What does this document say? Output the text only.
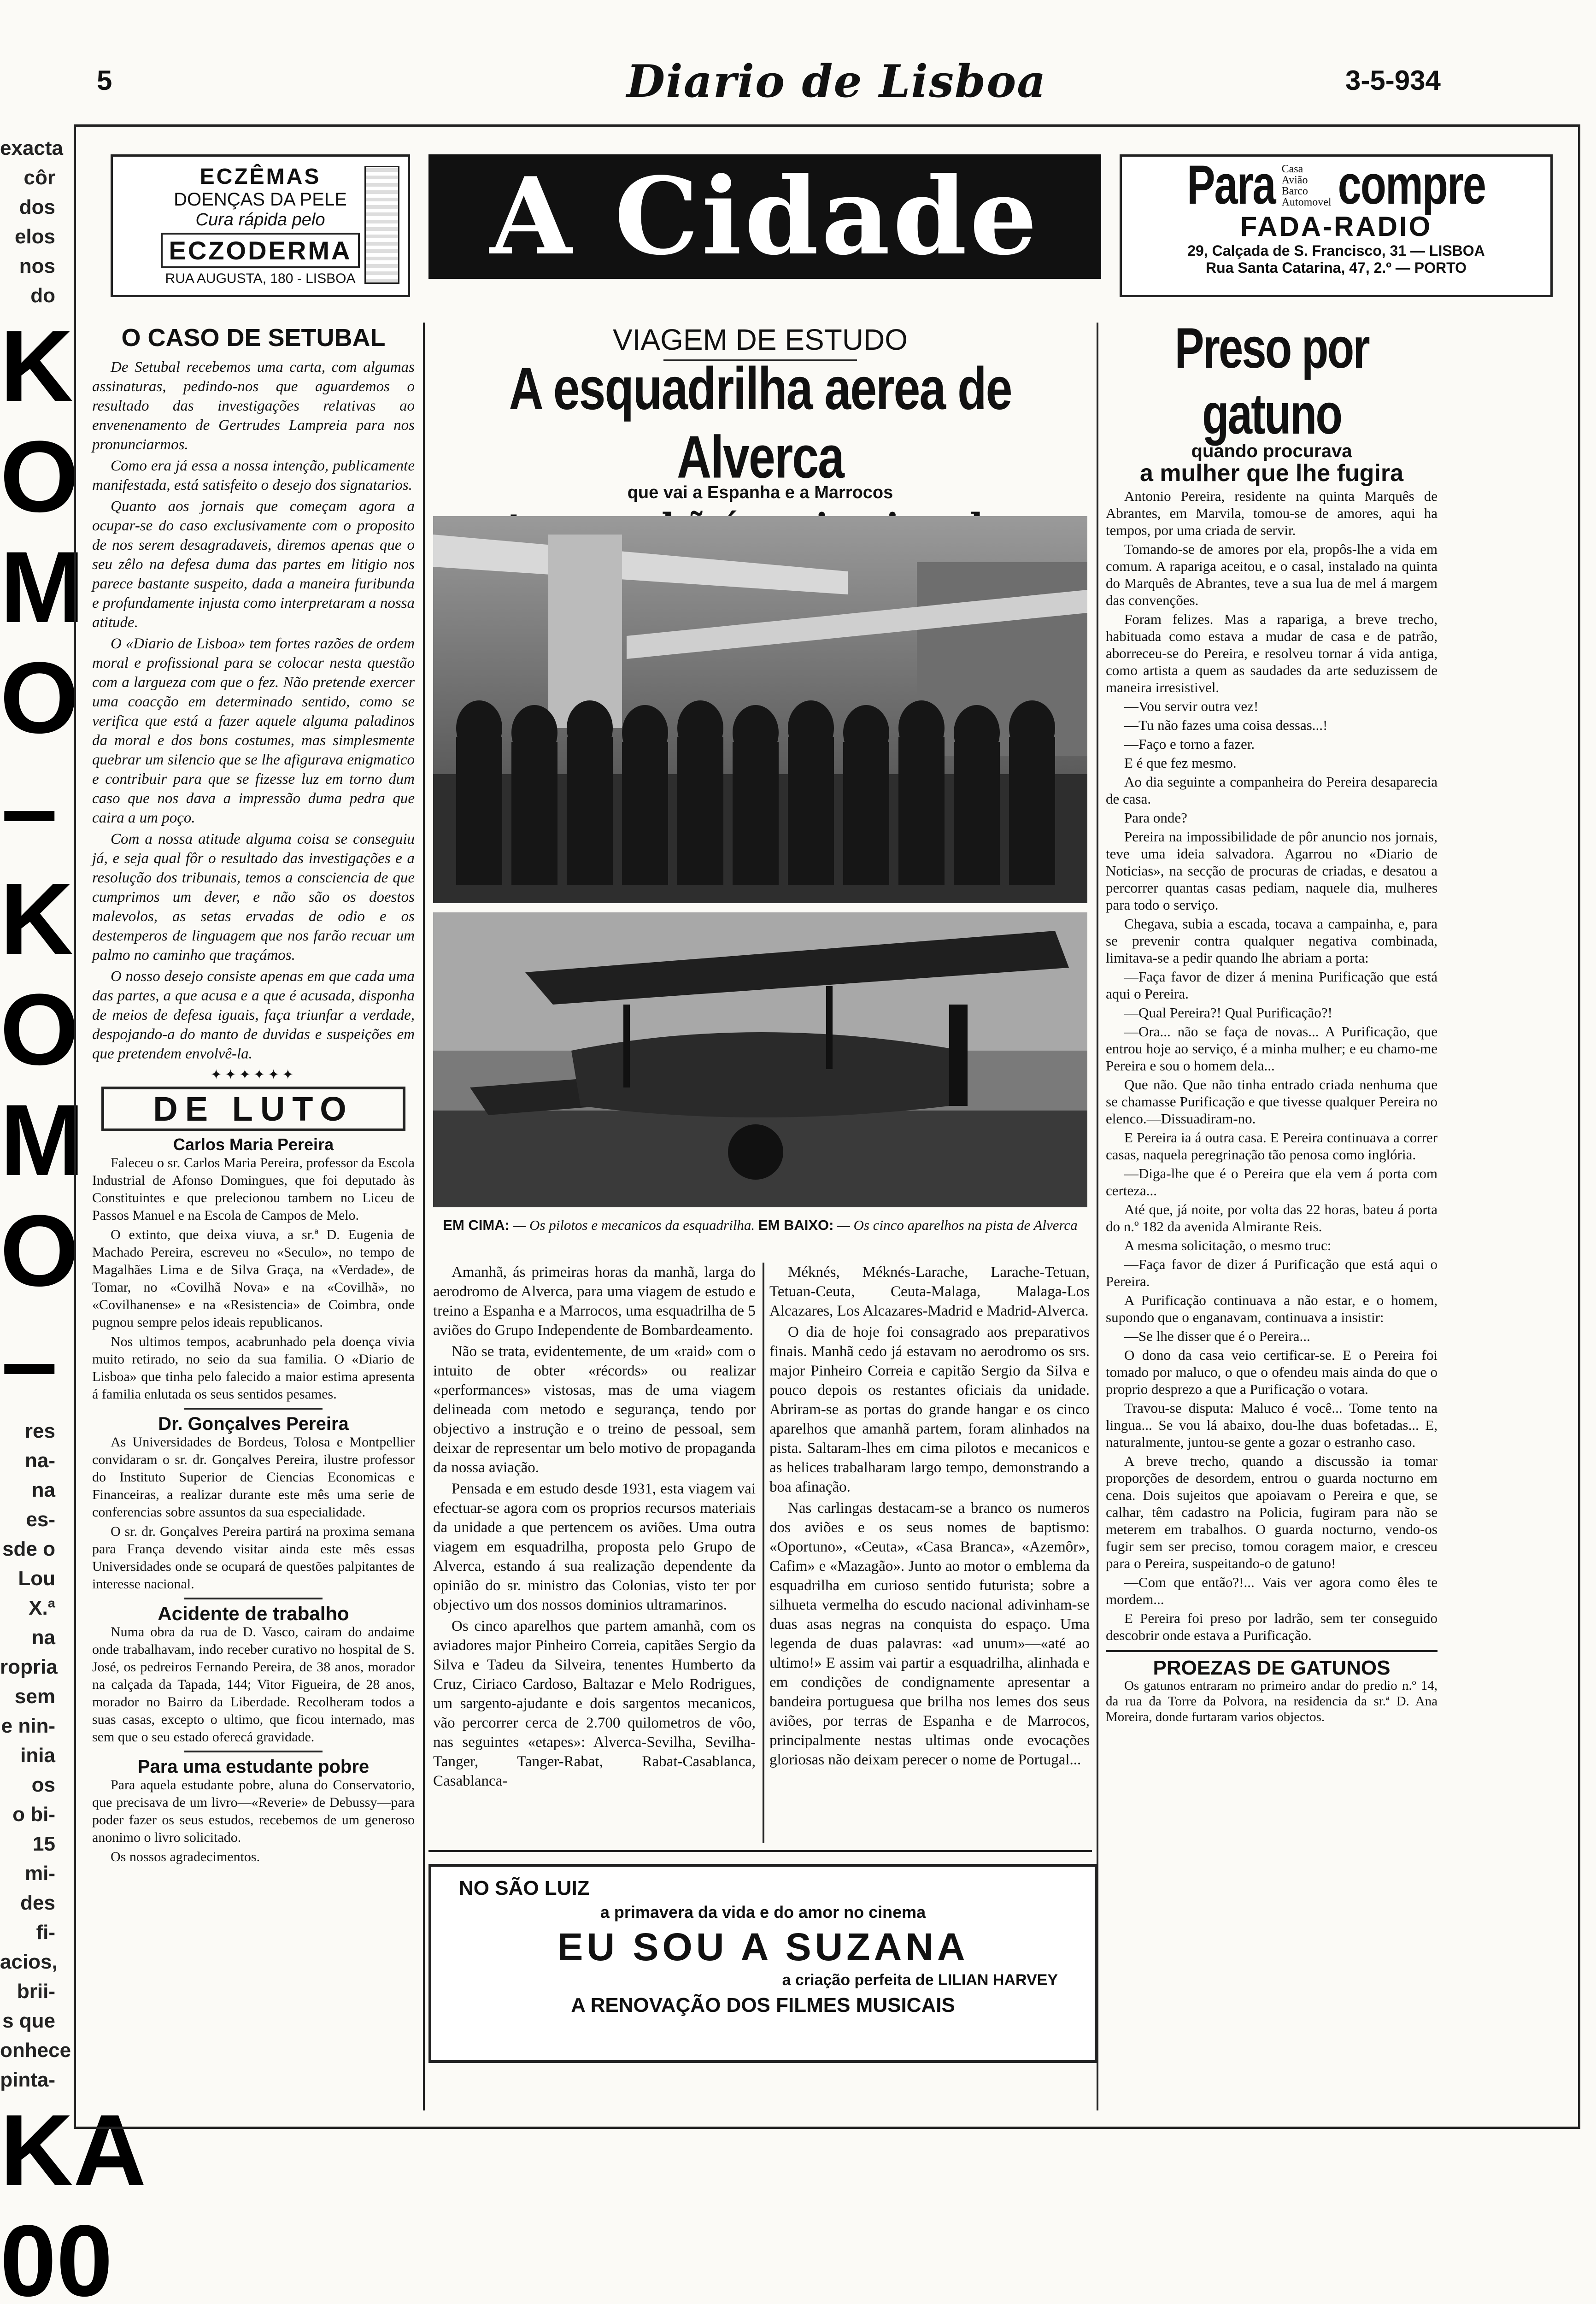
5	Diario de Lisboa	3-5-934
exacta
côr dos
elos nos
do
K
O
M
O
–
K
O
M
O
–
res na-
na es-
sde o
Lou
X.ª na
ropria
sem
e nin-
inia os
o bi-
15 mi-
des fi-
acios,
brii-
s que
onhece
pinta-
KA
00
ECZÊMAS
DOENÇAS DA PELE
Cura rápida pelo
ECZODERMA
RUA AUGUSTA, 180 - LISBOA	A Cidade	Para Casa
Avião
Barco
Automovel compre
FADA-RADIO
29, Calçada de S. Francisco, 31 — LISBOA
Rua Santa Catarina, 47, 2.º — PORTO
O CASO DE SETUBAL

De Setubal recebemos uma carta, com algumas assinaturas, pedindo-nos que aguardemos o resultado das investigações relativas ao envenenamento de Gertrudes Lampreia para nos pronunciarmos.

Como era já essa a nossa intenção, publicamente manifestada, está satisfeito o desejo dos signatarios.

Quanto aos jornais que começam agora a ocupar-se do caso exclusivamente com o proposito de nos serem desagradaveis, diremos apenas que o seu zêlo na defesa duma das partes em litigio nos parece bastante suspeito, dada a maneira furibunda e profundamente injusta como interpretaram a nossa atitude.

O «Diario de Lisboa» tem fortes razões de ordem moral e profissional para se colocar nesta questão com a largueza com que o fez. Não pretende exercer uma coacção em determinado sentido, como se verifica que está a fazer aquele alguma paladinos da moral e dos bons costumes, mas simplesmente quebrar um silencio que se lhe afigurava enigmatico e contribuir para que se fizesse luz em torno dum caso que nos dava a impressão duma pedra que caira a um poço.

Com a nossa atitude alguma coisa se conseguiu já, e seja qual fôr o resultado das investigações e a resolução dos tribunais, temos a consciencia de que cumprimos um dever, e não são os doestos malevolos, as setas ervadas de odio e os destemperos de linguagem que nos farão recuar um palmo no caminho que traçámos.

O nosso desejo consiste apenas em que cada uma das partes, a que acusa e a que é acusada, disponha de meios de defesa iguais, faça triunfar a verdade, despojando-a do manto de duvidas e suspeições em que pretendem envolvê-la.

✦✦✦✦✦✦
DE LUTO
Carlos Maria Pereira

Faleceu o sr. Carlos Maria Pereira, professor da Escola Industrial de Afonso Domingues, que foi deputado às Constituintes e que prelecionou tambem no Liceu de Passos Manuel e na Escola de Campos de Melo.

O extinto, que deixa viuva, a sr.ª D. Eugenia de Machado Pereira, escreveu no «Seculo», no tempo de Magalhães Lima e de Silva Graça, na «Verdade», de Tomar, no «Covilhã Nova» e na «Covilhã», no «Covilhanense» e na «Resistencia» de Coimbra, onde pugnou sempre pelos ideais republicanos.

Nos ultimos tempos, acabrunhado pela doença vivia muito retirado, no seio da sua familia. O «Diario de Lisboa» que tinha pelo falecido a maior estima apresenta á familia enlutada os seus sentidos pesames.

Dr. Gonçalves Pereira

As Universidades de Bordeus, Tolosa e Montpellier convidaram o sr. dr. Gonçalves Pereira, ilustre professor do Instituto Superior de Ciencias Economicas e Financeiras, a realizar durante este mês uma serie de conferencias sobre assuntos da sua especialidade.

O sr. dr. Gonçalves Pereira partirá na proxima semana para França devendo visitar ainda este mês essas Universidades onde se ocupará de questões palpitantes de interesse nacional.

Acidente de trabalho

Numa obra da rua de D. Vasco, cairam do andaime onde trabalhavam, indo receber curativo no hospital de S. José, os pedreiros Fernando Pereira, de 38 anos, morador na calçada da Tapada, 144; Vitor Figueira, de 28 anos, morador no Bairro da Liberdade. Recolheram todos a suas casas, excepto o ultimo, que ficou internado, mas sem que o seu estado oferecá gravidade.

Para uma estudante pobre

Para aquela estudante pobre, aluna do Conservatorio, que precisava de um livro—«Reverie» de Debussy—para poder fazer os seus estudos, recebemos de um generoso anonimo o livro solicitado.

Os nossos agradecimentos.

VIAGEM DE ESTUDO
A esquadrilha aerea de Alverca
que vai a Espanha e a Marrocos
EM CIMA: — Os pilotos e mecanicos da esquadrilha. EM BAIXO: — Os cinco aparelhos na pista de Alverca

Amanhã, ás primeiras horas da manhã, larga do aerodromo de Alverca, para uma viagem de estudo e treino a Espanha e a Marrocos, uma esquadrilha de 5 aviões do Grupo Independente de Bombardeamento.

Não se trata, evidentemente, de um «raid» com o intuito de obter «récords» ou realizar «performances» vistosas, mas de uma viagem delineada com metodo e segurança, tendo por objectivo a instrução e o treino de pessoal, sem deixar de representar um belo motivo de propaganda da nossa aviação.

Pensada e em estudo desde 1931, esta viagem vai efectuar-se agora com os proprios recursos materiais da unidade a que pertencem os aviões. Uma outra viagem em esquadrilha, proposta pelo Grupo de Alverca, estando á sua realização dependente da opinião do sr. ministro das Colonias, visto ter por objectivo um dos nossos dominios ultramarinos.

Os cinco aparelhos que partem amanhã, com os aviadores major Pinheiro Correia, capitães Sergio da Silva e Tadeu da Silveira, tenentes Humberto da Cruz, Ciriaco Cardoso, Baltazar e Melo Rodrigues, um sargento-ajudante e dois sargentos mecanicos, vão percorrer cerca de 2.700 quilometros de vôo, nas seguintes «etapes»: Alverca-Sevilha, Sevilha-Tanger, Tanger-Rabat, Rabat-Casablanca, Casablanca-

Méknés, Méknés-Larache, Larache-Tetuan, Tetuan-Ceuta, Ceuta-Malaga, Malaga-Los Alcazares, Los Alcazares-Madrid e Madrid-Alverca.

O dia de hoje foi consagrado aos preparativos finais. Manhã cedo já estavam no aerodromo os srs. major Pinheiro Correia e capitão Sergio da Silva e pouco depois os restantes oficiais da unidade. Abriram-se as portas do grande hangar e os cinco aparelhos que amanhã partem, foram alinhados na pista. Saltaram-lhes em cima pilotos e mecanicos e as helices trabalharam largo tempo, demonstrando a boa afinação.

Nas carlingas destacam-se a branco os numeros dos aviões e os seus nomes de baptismo: «Oportuno», «Ceuta», «Casa Branca», «Azemôr», Cafim» e «Mazagão». Junto ao motor o emblema da esquadrilha em curioso sentido futurista; sobre a silhueta vermelha do escudo nacional adivinham-se duas asas negras na conquista do espaço. Uma legenda de duas palavras: «ad unum»—«até ao ultimo!» E assim vai partir a esquadrilha, alinhada e em condições de condignamente apresentar a bandeira portuguesa que brilha nos lemes dos seus aviões, por terras de Espanha e de Marrocos, principalmente nestas ultimas onde evocações gloriosas não deixam perecer o nome de Portugal...

NO SÃO LUIZ
a primavera da vida e do amor no cinema
EU SOU A SUZANA
a criação perfeita de LILIAN HARVEY
A RENOVAÇÃO DOS FILMES MUSICAIS
Preso por gatuno
quando procurava
a mulher que lhe fugira

Antonio Pereira, residente na quinta Marquês de Abrantes, em Marvila, tomou-se de amores, aqui ha tempos, por uma criada de servir.

Tomando-se de amores por ela, propôs-lhe a vida em comum. A rapariga aceitou, e o casal, instalado na quinta do Marquês de Abrantes, teve a sua lua de mel á margem das convenções.

Foram felizes. Mas a rapariga, a breve trecho, habituada como estava a mudar de casa e de patrão, aborreceu-se do Pereira, e resolveu tornar á vida antiga, como artista a quem as saudades da arte seduzissem de maneira irresistivel.

—Vou servir outra vez!

—Tu não fazes uma coisa dessas...!

—Faço e torno a fazer.

E é que fez mesmo.

Ao dia seguinte a companheira do Pereira desaparecia de casa.

Para onde?

Pereira na impossibilidade de pôr anuncio nos jornais, teve uma ideia salvadora. Agarrou no «Diario de Noticias», na secção de procuras de criadas, e desatou a percorrer quantas casas pediam, naquele dia, mulheres para todo o serviço.

Chegava, subia a escada, tocava a campainha, e, para se prevenir contra qualquer negativa combinada, limitava-se a pedir quando lhe abriam a porta:

—Faça favor de dizer á menina Purificação que está aqui o Pereira.

—Qual Pereira?! Qual Purificação?!

—Ora... não se faça de novas... A Purificação, que entrou hoje ao serviço, é a minha mulher; e eu chamo-me Pereira e sou o homem dela...

Que não. Que não tinha entrado criada nenhuma que se chamasse Purificação e que tivesse qualquer Pereira no elenco.—Dissuadiram-no.

E Pereira ia á outra casa. E Pereira continuava a correr casas, naquela peregrinação tão penosa como inglória.

—Diga-lhe que é o Pereira que ela vem á porta com certeza...

Até que, já noite, por volta das 22 horas, bateu á porta do n.º 182 da avenida Almirante Reis.

A mesma solicitação, o mesmo truc:

—Faça favor de dizer á Purificação que está aqui o Pereira.

A Purificação continuava a não estar, e o homem, supondo que o enganavam, continuava a insistir:

—Se lhe disser que é o Pereira...

O dono da casa veio certificar-se. E o Pereira foi tomado por maluco, o que o ofendeu mais ainda do que o proprio desprezo a que a Purificação o votara.

Travou-se disputa: Maluco é você... Tome tento na lingua... Se vou lá abaixo, dou-lhe duas bofetadas... E, naturalmente, juntou-se gente a gozar o estranho caso.

A breve trecho, quando a discussão ia tomar proporções de desordem, entrou o guarda nocturno em cena. Dois sujeitos que apoiavam o Pereira e que, se calhar, têm cadastro na Policia, fugiram para não se meterem em trabalhos. O guarda nocturno, vendo-os fugir sem ser preciso, tomou coragem maior, e cresceu para o Pereira, suspeitando-o de gatuno!

—Com que então?!... Vais ver agora como êles te mordem...

E Pereira foi preso por ladrão, sem ter conseguido descobrir onde estava a Purificação.

PROEZAS DE GATUNOS

Os gatunos entraram no primeiro andar do predio n.º 14, da rua da Torre da Polvora, na residencia da sr.ª D. Ana Moreira, donde furtaram varios objectos.
